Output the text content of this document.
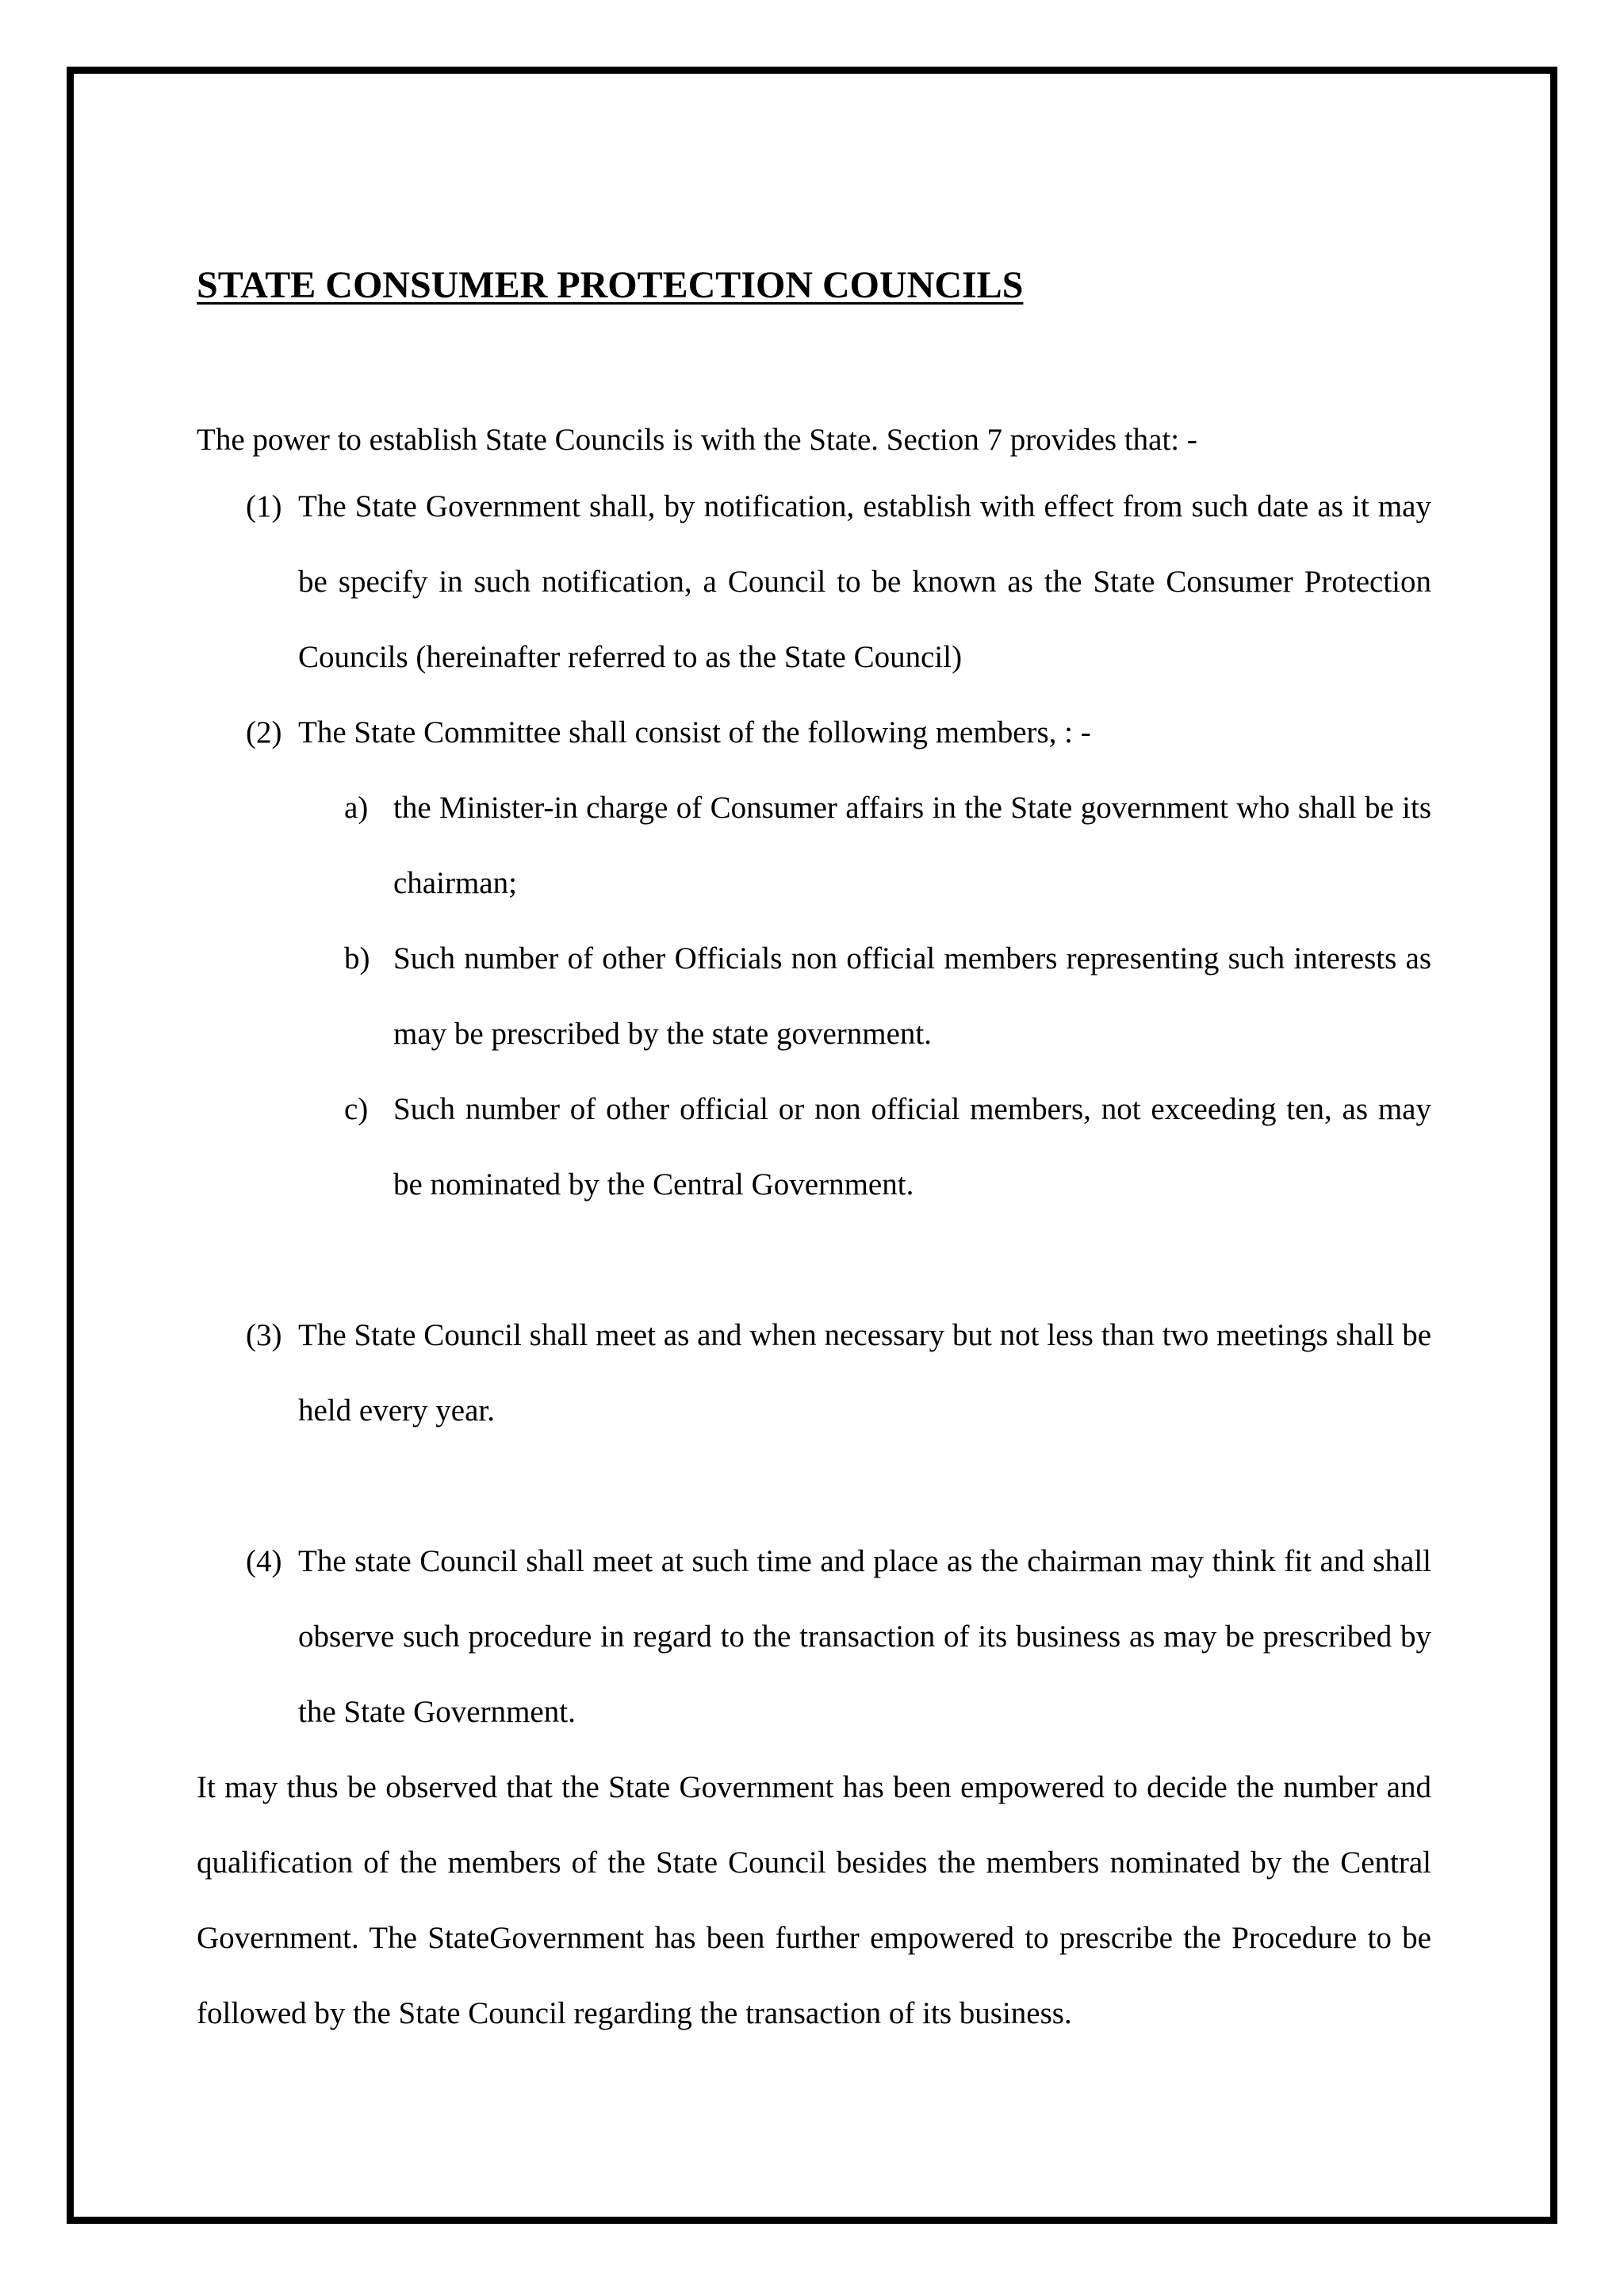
STATE CONSUMER PROTECTION COUNCILS

The power to establish State Councils is with the State. Section 7 provides that: -

(1) The State Government shall, by notification, establish with effect from such date as it may be specify in such notification, a Council to be known as the State Consumer Protection Councils (hereinafter referred to as the State Council)

(2) The State Committee shall consist of the following members, : -

a) the Minister-in charge of Consumer affairs in the State government who shall be its chairman;

b) Such number of other Officials non official members representing such interests as may be prescribed by the state government.

c) Such number of other official or non official members, not exceeding ten, as may be nominated by the Central Government.

(3) The State Council shall meet as and when necessary but not less than two meetings shall be held every year.

(4) The state Council shall meet at such time and place as the chairman may think fit and shall observe such procedure in regard to the transaction of its business as may be prescribed by the State Government.

It may thus be observed that the State Government has been empowered to decide the number and qualification of the members of the State Council besides the members nominated by the Central Government. The StateGovernment has been further empowered to prescribe the Procedure to be followed by the State Council regarding the transaction of its business.
